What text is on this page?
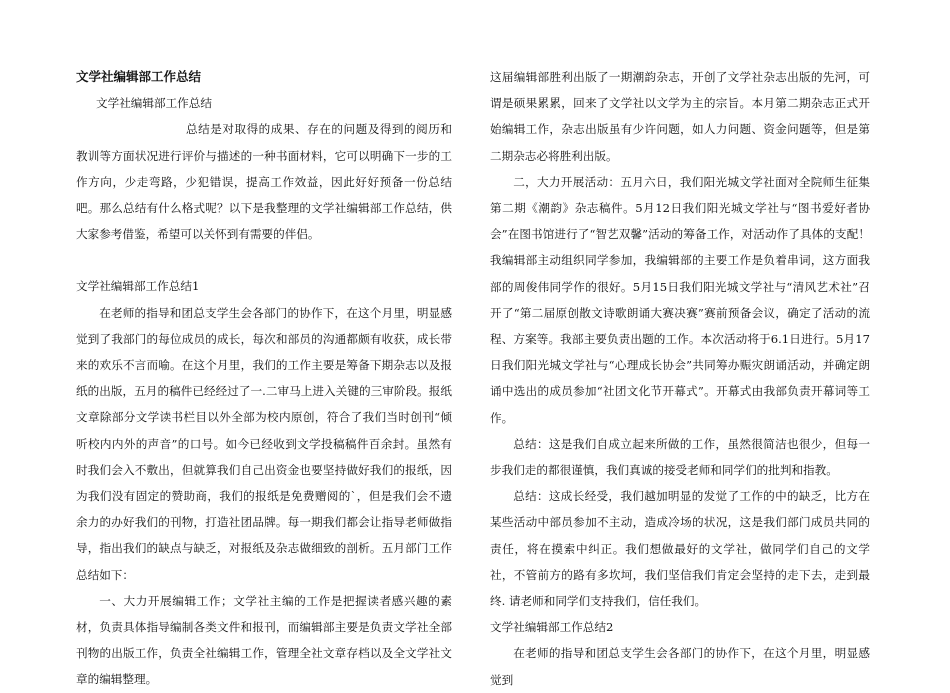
文学社编辑部工作总结

文学社编辑部工作总结

总结是对取得的成果、存在的问题及得到的阅历和教训等方面状况进行评价与描述的一种书面材料，它可以明确下一步的工作方向，少走弯路，少犯错误，提高工作效益，因此好好预备一份总结吧。那么总结有什么格式呢？以下是我整理的文学社编辑部工作总结，供大家参考借鉴，希望可以关怀到有需要的伴侣。

文学社编辑部工作总结1

在老师的指导和团总支学生会各部门的协作下，在这个月里，明显感觉到了我部门的每位成员的成长，每次和部员的沟通都颇有收获，成长带来的欢乐不言而喻。在这个月里，我们的工作主要是筹备下期杂志以及报纸的出版，五月的稿件已经经过了一.二审马上进入关键的三审阶段。报纸文章除部分文学读书栏目以外全部为校内原创，符合了我们当时创刊“倾听校内内外的声音”的口号。如今已经收到文学投稿稿件百余封。虽然有时我们会入不敷出，但就算我们自己出资金也要坚持做好我们的报纸，因为我们没有固定的赞助商，我们的报纸是免费赠阅的`，但是我们会不遗余力的办好我们的刊物，打造社团品牌。每一期我们都会让指导老师做指导，指出我们的缺点与缺乏，对报纸及杂志做细致的剖析。五月部门工作总结如下：

一、大力开展编辑工作；文学社主编的工作是把握读者感兴趣的素材，负责具体指导编制各类文件和报刊，而编辑部主要是负责文学社全部刊物的出版工作，负责全社编辑工作，管理全社文章存档以及全文学社文章的编辑整理。

这届编辑部胜利出版了一期潮韵杂志，开创了文学社杂志出版的先河，可谓是硕果累累，回来了文学社以文学为主的宗旨。本月第二期杂志正式开始编辑工作，杂志出版虽有少许问题，如人力问题、资金问题等，但是第二期杂志必将胜利出版。

二，大力开展活动：五月六日，我们阳光城文学社面对全院师生征集第二期《潮韵》杂志稿件。5月12日我们阳光城文学社与“图书爱好者协会”在图书馆进行了“智艺双馨”活动的筹备工作，对活动作了具体的支配！我编辑部主动组织同学参加，我编辑部的主要工作是负着串词，这方面我部的周俊伟同学作的很好。5月15日我们阳光城文学社与“清风艺术社”召开了“第二届原创散文诗歌朗诵大赛决赛”赛前预备会议，确定了活动的流程、方案等。我部主要负责出题的工作。本次活动将于6.1日进行。5月17日我们阳光城文学社与“心理成长协会”共同筹办赈灾朗诵活动，并确定朗诵中选出的成员参加“社团文化节开幕式”。开幕式由我部负责开幕词等工作。

总结：这是我们自成立起来所做的工作，虽然很简洁也很少，但每一步我们走的都很谨慎，我们真诚的接受老师和同学们的批判和指教。

总结：这成长经受，我们越加明显的发觉了工作的中的缺乏，比方在某些活动中部员参加不主动，造成冷场的状况，这是我们部门成员共同的责任，将在摸索中纠正。我们想做最好的文学社，做同学们自己的文学社，不管前方的路有多坎坷，我们坚信我们肯定会坚持的走下去，走到最终. 请老师和同学们支持我们，信任我们。

文学社编辑部工作总结2

在老师的指导和团总支学生会各部门的协作下，在这个月里，明显感觉到
